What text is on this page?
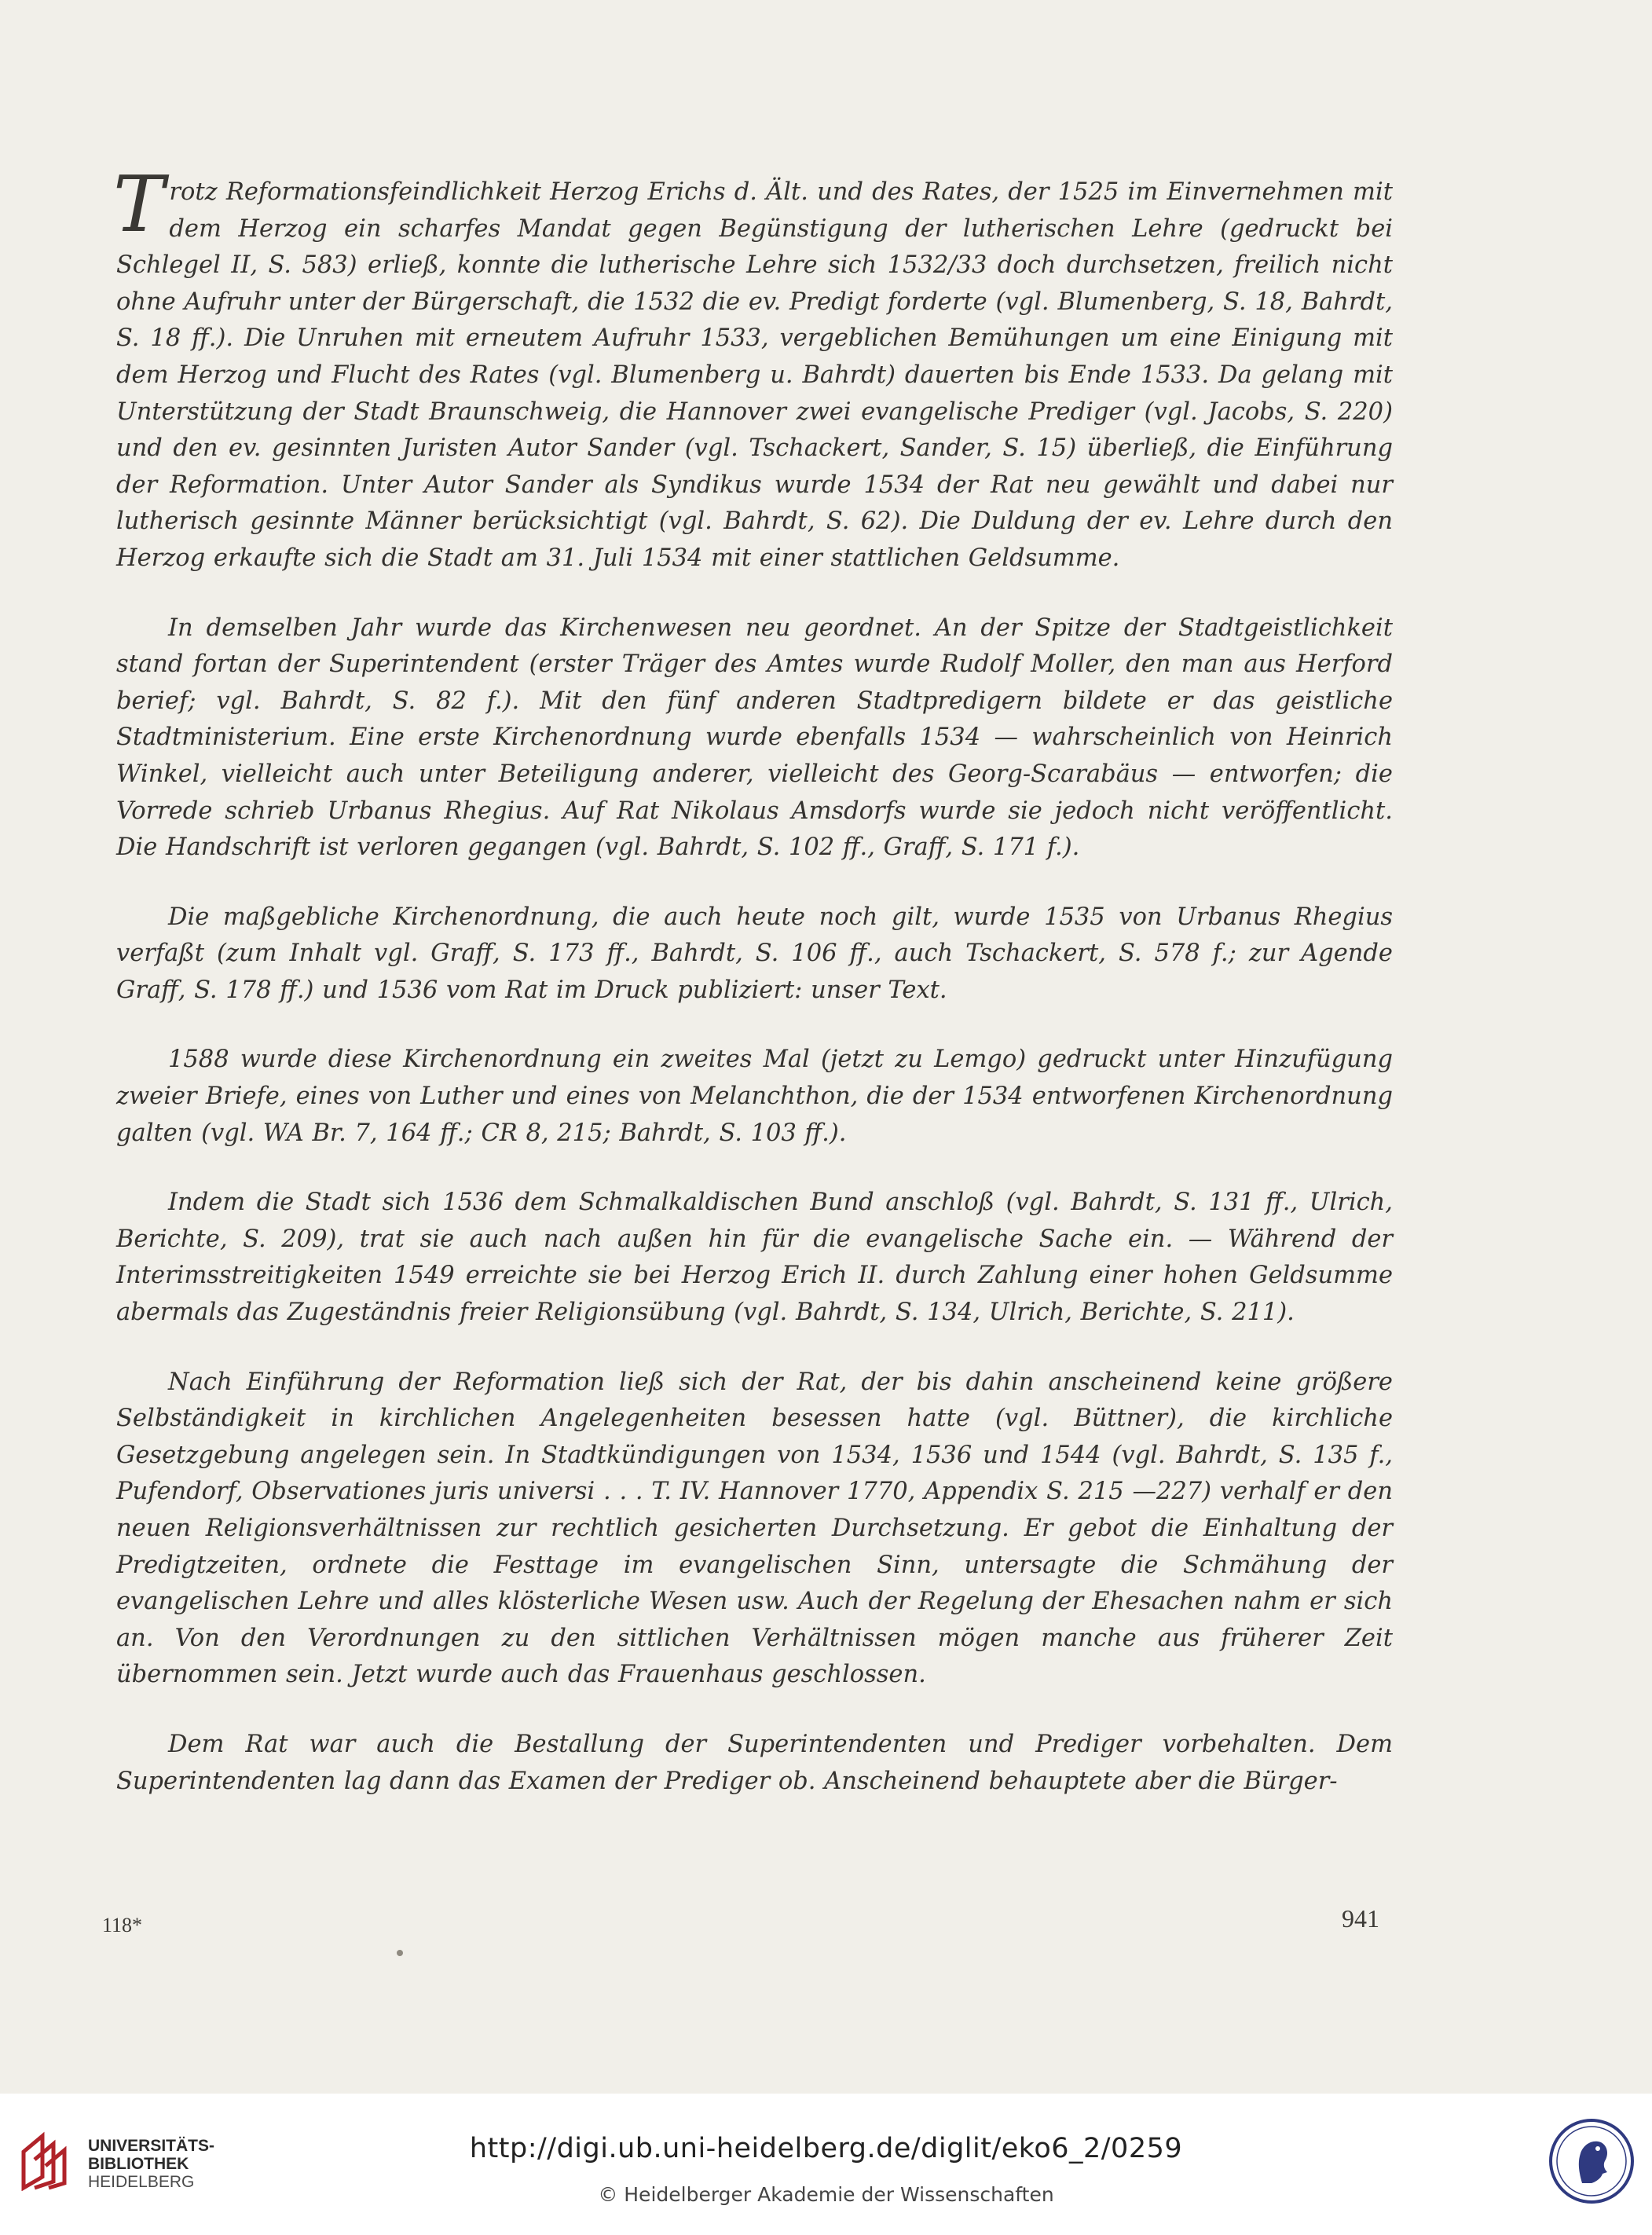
Trotz Reformationsfeindlichkeit Herzog Erichs d. Ält. und des Rates, der 1525 im Einvernehmen mit dem Herzog ein scharfes Mandat gegen Begünstigung der lutherischen Lehre (gedruckt bei Schlegel II, S. 583) erließ, konnte die lutherische Lehre sich 1532/33 doch durchsetzen, freilich nicht ohne Aufruhr unter der Bürgerschaft, die 1532 die ev. Predigt forderte (vgl. Blumenberg, S. 18, Bahrdt, S. 18 ff.). Die Unruhen mit erneutem Aufruhr 1533, vergeblichen Bemühungen um eine Einigung mit dem Herzog und Flucht des Rates (vgl. Blumenberg u. Bahrdt) dauerten bis Ende 1533. Da gelang mit Unterstützung der Stadt Braunschweig, die Hannover zwei evangelische Prediger (vgl. Jacobs, S. 220) und den ev. gesinnten Juristen Autor Sander (vgl. Tschackert, Sander, S. 15) überließ, die Einführung der Reformation. Unter Autor Sander als Syndikus wurde 1534 der Rat neu gewählt und dabei nur lutherisch gesinnte Männer berücksichtigt (vgl. Bahrdt, S. 62). Die Duldung der ev. Lehre durch den Herzog erkaufte sich die Stadt am 31. Juli 1534 mit einer stattlichen Geldsumme.

In demselben Jahr wurde das Kirchenwesen neu geordnet. An der Spitze der Stadtgeistlichkeit stand fortan der Superintendent (erster Träger des Amtes wurde Rudolf Moller, den man aus Herford berief; vgl. Bahrdt, S. 82 f.). Mit den fünf anderen Stadtpredigern bildete er das geistliche Stadtministerium. Eine erste Kirchenordnung wurde ebenfalls 1534 — wahrscheinlich von Heinrich Winkel, vielleicht auch unter Beteiligung anderer, vielleicht des Georg-Scarabäus — entworfen; die Vorrede schrieb Urbanus Rhegius. Auf Rat Nikolaus Amsdorfs wurde sie jedoch nicht veröffentlicht. Die Handschrift ist verloren gegangen (vgl. Bahrdt, S. 102 ff., Graff, S. 171 f.).

Die maßgebliche Kirchenordnung, die auch heute noch gilt, wurde 1535 von Urbanus Rhegius verfaßt (zum Inhalt vgl. Graff, S. 173 ff., Bahrdt, S. 106 ff., auch Tschackert, S. 578 f.; zur Agende Graff, S. 178 ff.) und 1536 vom Rat im Druck publiziert: unser Text.

1588 wurde diese Kirchenordnung ein zweites Mal (jetzt zu Lemgo) gedruckt unter Hinzufügung zweier Briefe, eines von Luther und eines von Melanchthon, die der 1534 entworfenen Kirchenordnung galten (vgl. WA Br. 7, 164 ff.; CR 8, 215; Bahrdt, S. 103 ff.).

Indem die Stadt sich 1536 dem Schmalkaldischen Bund anschloß (vgl. Bahrdt, S. 131 ff., Ulrich, Berichte, S. 209), trat sie auch nach außen hin für die evangelische Sache ein. — Während der Interimsstreitigkeiten 1549 erreichte sie bei Herzog Erich II. durch Zahlung einer hohen Geldsumme abermals das Zugeständnis freier Religionsübung (vgl. Bahrdt, S. 134, Ulrich, Berichte, S. 211).

Nach Einführung der Reformation ließ sich der Rat, der bis dahin anscheinend keine größere Selbständigkeit in kirchlichen Angelegenheiten besessen hatte (vgl. Büttner), die kirchliche Gesetzgebung angelegen sein. In Stadtkündigungen von 1534, 1536 und 1544 (vgl. Bahrdt, S. 135 f., Pufendorf, Observationes juris universi . . . T. IV. Hannover 1770, Appendix S. 215 —227) verhalf er den neuen Religionsverhältnissen zur rechtlich gesicherten Durchsetzung. Er gebot die Einhaltung der Predigtzeiten, ordnete die Festtage im evangelischen Sinn, untersagte die Schmähung der evangelischen Lehre und alles klösterliche Wesen usw. Auch der Regelung der Ehesachen nahm er sich an. Von den Verordnungen zu den sittlichen Verhältnissen mögen manche aus früherer Zeit übernommen sein. Jetzt wurde auch das Frauenhaus geschlossen.

Dem Rat war auch die Bestallung der Superintendenten und Prediger vorbehalten. Dem Superintendenten lag dann das Examen der Prediger ob. Anscheinend behauptete aber die Bürger-

118*	941
UNIVERSITÄTS-
BIBLIOTHEK
HEIDELBERG
http://digi.ub.uni-heidelberg.de/diglit/eko6_2/0259
© Heidelberger Akademie der Wissenschaften
